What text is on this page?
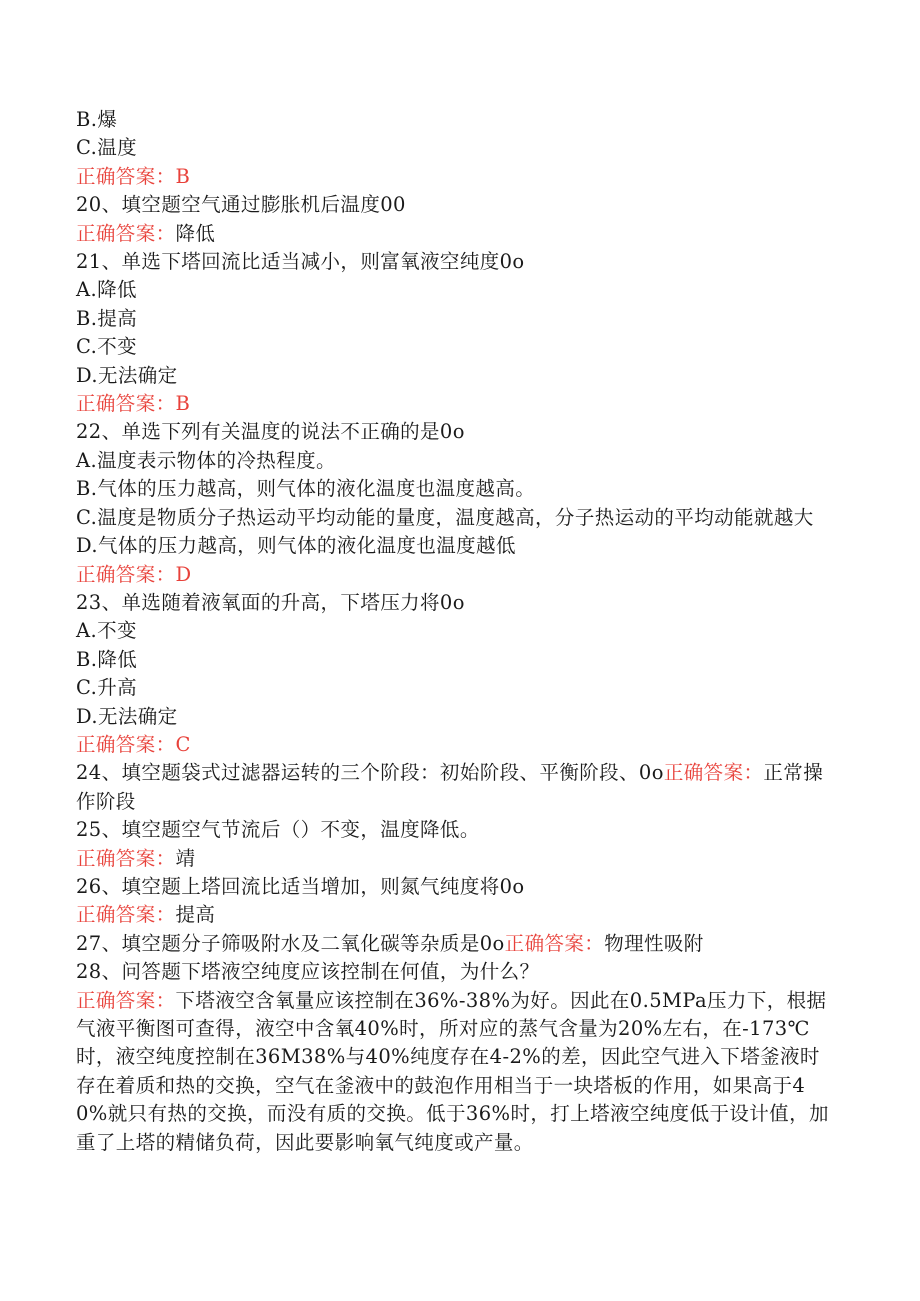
B.爆
C.温度
正确答案：B
20、填空题空气通过膨胀机后温度00
正确答案：降低
21、单选下塔回流比适当减小，则富氧液空纯度0o
A.降低
B.提高
C.不变
D.无法确定
正确答案：B
22、单选下列有关温度的说法不正确的是0o
A.温度表示物体的冷热程度。
B.气体的压力越高，则气体的液化温度也温度越高。
C.温度是物质分子热运动平均动能的量度，温度越高，分子热运动的平均动能就越大
D.气体的压力越高，则气体的液化温度也温度越低
正确答案：D
23、单选随着液氧面的升高，下塔压力将0o
A.不变
B.降低
C.升高
D.无法确定
正确答案：C
24、填空题袋式过滤器运转的三个阶段：初始阶段、平衡阶段、0o正确答案：正常操作阶段
25、填空题空气节流后（）不变，温度降低。
正确答案：靖
26、填空题上塔回流比适当增加，则氮气纯度将0o
正确答案：提高
27、填空题分子筛吸附水及二氧化碳等杂质是0o正确答案：物理性吸附
28、问答题下塔液空纯度应该控制在何值，为什么？
正确答案：下塔液空含氧量应该控制在36%-38%为好。因此在0.5MPa压力下，根据气液平衡图可查得，液空中含氧40%时，所对应的蒸气含量为20%左右，在-173℃时，液空纯度控制在36M38%与40%纯度存在4-2%的差，因此空气进入下塔釜液时存在着质和热的交换，空气在釜液中的鼓泡作用相当于一块塔板的作用，如果高于40%就只有热的交换，而没有质的交换。低于36%时，打上塔液空纯度低于设计值，加重了上塔的精储负荷，因此要影响氧气纯度或产量。
